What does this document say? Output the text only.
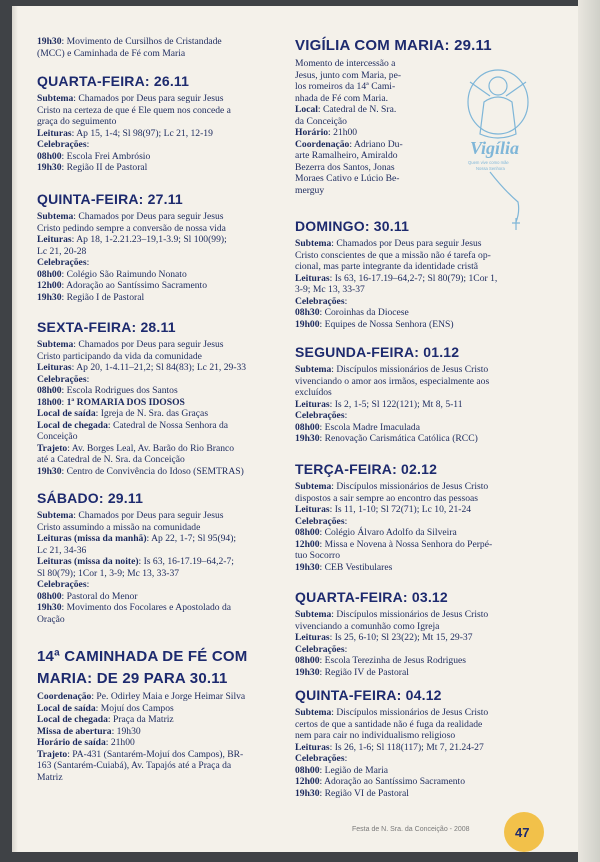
19h30: Movimento de Cursilhos de Cristandade
(MCC) e Caminhada de Fé com Maria
QUARTA-FEIRA: 26.11
Subtema: Chamados por Deus para seguir Jesus
Cristo na certeza de que é Ele quem nos concede a
graça do seguimento
Leituras: Ap 15, 1-4; Sl 98(97); Lc 21, 12-19
Celebrações:
08h00: Escola Frei Ambrósio
19h30: Região II de Pastoral
QUINTA-FEIRA: 27.11
Subtema: Chamados por Deus para seguir Jesus
Cristo pedindo sempre a conversão de nossa vida
Leituras: Ap 18, 1-2.21.23–19,1-3.9; Sl 100(99);
Lc 21, 20-28
Celebrações:
08h00: Colégio São Raimundo Nonato
12h00: Adoração ao Santíssimo Sacramento
19h30: Região I de Pastoral
SEXTA-FEIRA: 28.11
Subtema: Chamados por Deus para seguir Jesus
Cristo participando da vida da comunidade
Leituras: Ap 20, 1-4.11–21,2; Sl 84(83); Lc 21, 29-33
Celebrações:
08h00: Escola Rodrigues dos Santos
18h00: 1ª ROMARIA DOS IDOSOS
Local de saída: Igreja de N. Sra. das Graças
Local de chegada: Catedral de Nossa Senhora da
Conceição
Trajeto: Av. Borges Leal, Av. Barão do Rio Branco
até a Catedral de N. Sra. da Conceição
19h30: Centro de Convivência do Idoso (SEMTRAS)
SÁBADO: 29.11
Subtema: Chamados por Deus para seguir Jesus
Cristo assumindo a missão na comunidade
Leituras (missa da manhã): Ap 22, 1-7; Sl 95(94);
Lc 21, 34-36
Leituras (missa da noite): Is 63, 16-17.19–64,2-7;
Sl 80(79); 1Cor 1, 3-9; Mc 13, 33-37
Celebrações:
08h00: Pastoral do Menor
19h30: Movimento dos Focolares e Apostolado da
Oração
14ª CAMINHADA DE FÉ COM
MARIA: DE 29 PARA 30.11
Coordenação: Pe. Odirley Maia e Jorge Heimar Silva
Local de saída: Mojuí dos Campos
Local de chegada: Praça da Matriz
Missa de abertura: 19h30
Horário de saída: 21h00
Trajeto: PA-431 (Santarém-Mojuí dos Campos), BR-
163 (Santarém-Cuiabá), Av. Tapajós até a Praça da
Matriz
VIGÍLIA COM MARIA: 29.11
Momento de intercessão a
Jesus, junto com Maria, pe-
los romeiros da 14ª Cami-
nhada de Fé com Maria.
Local: Catedral de N. Sra.
da Conceição
Horário: 21h00
Coordenação: Adriano Du-
arte Ramalheiro, Amiraldo
Bezerra dos Santos, Jonas
Moraes Cativo e Lúcio Be-
merguy
DOMINGO: 30.11
Subtema: Chamados por Deus para seguir Jesus
Cristo conscientes de que a missão não é tarefa op-
cional, mas parte integrante da identidade cristã
Leituras: Is 63, 16-17.19–64,2-7; Sl 80(79); 1Cor 1,
3-9; Mc 13, 33-37
Celebrações:
08h30: Coroinhas da Diocese
19h00: Equipes de Nossa Senhora (ENS)
SEGUNDA-FEIRA: 01.12
Subtema: Discípulos missionários de Jesus Cristo
vivenciando o amor aos irmãos, especialmente aos
excluídos
Leituras: Is 2, 1-5; Sl 122(121); Mt 8, 5-11
Celebrações:
08h00: Escola Madre Imaculada
19h30: Renovação Carismática Católica (RCC)
TERÇA-FEIRA: 02.12
Subtema: Discípulos missionários de Jesus Cristo
dispostos a sair sempre ao encontro das pessoas
Leituras: Is 11, 1-10; Sl 72(71); Lc 10, 21-24
Celebrações:
08h00: Colégio Álvaro Adolfo da Silveira
12h00: Missa e Novena à Nossa Senhora do Perpé-
tuo Socorro
19h30: CEB Vestibulares
QUARTA-FEIRA: 03.12
Subtema: Discípulos missionários de Jesus Cristo
vivenciando a comunhão como Igreja
Leituras: Is 25, 6-10; Sl 23(22); Mt 15, 29-37
Celebrações:
08h00: Escola Terezinha de Jesus Rodrigues
19h30: Região IV de Pastoral
QUINTA-FEIRA: 04.12
Subtema: Discípulos missionários de Jesus Cristo
certos de que a santidade não é fuga da realidade
nem para cair no individualismo religioso
Leituras: Is 26, 1-6; Sl 118(117); Mt 7, 21.24-27
Celebrações:
08h00: Legião de Maria
12h00: Adoração ao Santíssimo Sacramento
19h30: Região VI de Pastoral
Vigília
Quem vive como mãe
Nossa Senhora
Festa de N. Sra. da Conceição - 2008	47
